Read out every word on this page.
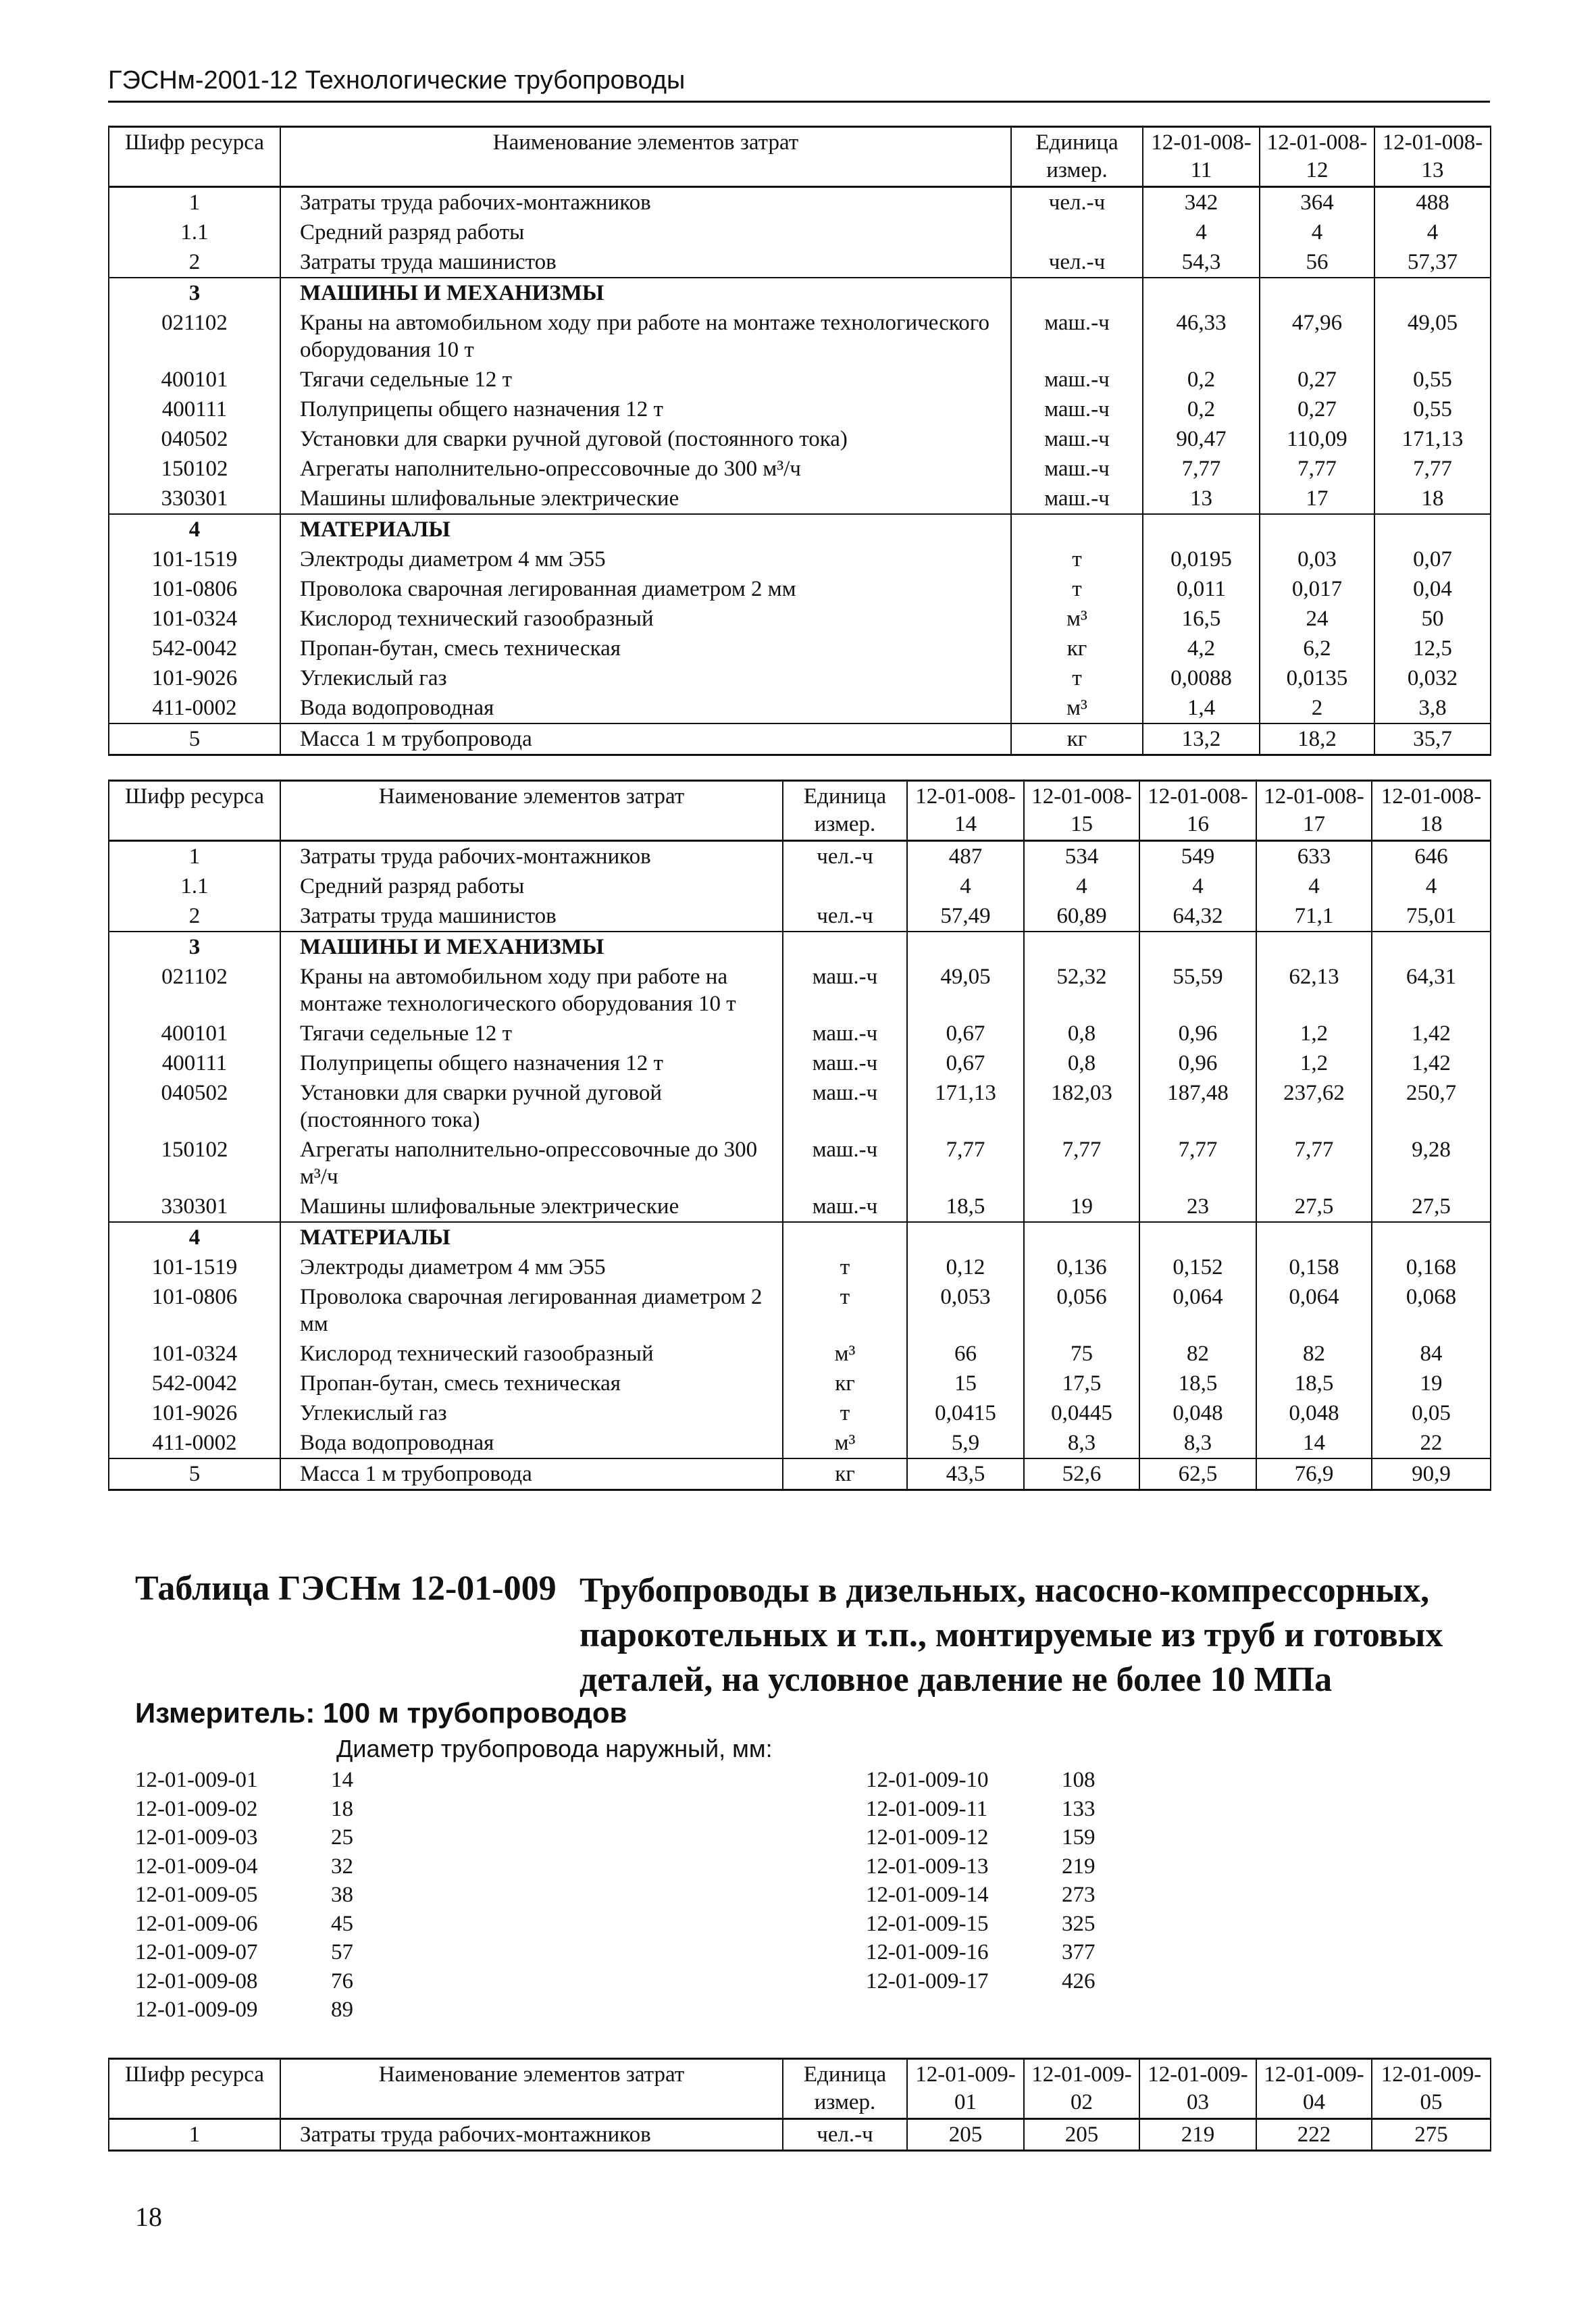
ГЭСНм-2001-12 Технологические трубопроводы
Шифр ресурса	Наименование элементов затрат	Единица измер.	12-01-008-11	12-01-008-12	12-01-008-13
1	Затраты труда рабочих-монтажников	чел.-ч	342	364	488
1.1	Средний разряд работы		4	4	4
2	Затраты труда машинистов	чел.-ч	54,3	56	57,37
3	МАШИНЫ И МЕХАНИЗМЫ				
021102	Краны на автомобильном ходу при работе на монтаже технологического оборудования 10 т	маш.-ч	46,33	47,96	49,05
400101	Тягачи седельные 12 т	маш.-ч	0,2	0,27	0,55
400111	Полуприцепы общего назначения 12 т	маш.-ч	0,2	0,27	0,55
040502	Установки для сварки ручной дуговой (постоянного тока)	маш.-ч	90,47	110,09	171,13
150102	Агрегаты наполнительно-опрессовочные до 300 м³/ч	маш.-ч	7,77	7,77	7,77
330301	Машины шлифовальные электрические	маш.-ч	13	17	18
4	МАТЕРИАЛЫ				
101-1519	Электроды диаметром 4 мм Э55	т	0,0195	0,03	0,07
101-0806	Проволока сварочная легированная диаметром 2 мм	т	0,011	0,017	0,04
101-0324	Кислород технический газообразный	м³	16,5	24	50
542-0042	Пропан-бутан, смесь техническая	кг	4,2	6,2	12,5
101-9026	Углекислый газ	т	0,0088	0,0135	0,032
411-0002	Вода водопроводная	м³	1,4	2	3,8
5	Масса 1 м трубопровода	кг	13,2	18,2	35,7
Шифр ресурса	Наименование элементов затрат	Единица измер.	12-01-008-14	12-01-008-15	12-01-008-16	12-01-008-17	12-01-008-18
1	Затраты труда рабочих-монтажников	чел.-ч	487	534	549	633	646
1.1	Средний разряд работы		4	4	4	4	4
2	Затраты труда машинистов	чел.-ч	57,49	60,89	64,32	71,1	75,01
3	МАШИНЫ И МЕХАНИЗМЫ						
021102	Краны на автомобильном ходу при работе на монтаже технологического оборудования 10 т	маш.-ч	49,05	52,32	55,59	62,13	64,31
400101	Тягачи седельные 12 т	маш.-ч	0,67	0,8	0,96	1,2	1,42
400111	Полуприцепы общего назначения 12 т	маш.-ч	0,67	0,8	0,96	1,2	1,42
040502	Установки для сварки ручной дуговой (постоянного тока)	маш.-ч	171,13	182,03	187,48	237,62	250,7
150102	Агрегаты наполнительно-опрессовочные до 300 м³/ч	маш.-ч	7,77	7,77	7,77	7,77	9,28
330301	Машины шлифовальные электрические	маш.-ч	18,5	19	23	27,5	27,5
4	МАТЕРИАЛЫ						
101-1519	Электроды диаметром 4 мм Э55	т	0,12	0,136	0,152	0,158	0,168
101-0806	Проволока сварочная легированная диаметром 2 мм	т	0,053	0,056	0,064	0,064	0,068
101-0324	Кислород технический газообразный	м³	66	75	82	82	84
542-0042	Пропан-бутан, смесь техническая	кг	15	17,5	18,5	18,5	19
101-9026	Углекислый газ	т	0,0415	0,0445	0,048	0,048	0,05
411-0002	Вода водопроводная	м³	5,9	8,3	8,3	14	22
5	Масса 1 м трубопровода	кг	43,5	52,6	62,5	76,9	90,9
Таблица ГЭСНм 12-01-009 Трубопроводы в дизельных, насосно-компрессорных, парокотельных и т.п., монтируемые из труб и готовых деталей, на условное давление не более 10 МПа
Измеритель: 100 м трубопроводов
Диаметр трубопровода наружный, мм:
12-01-009-01	14
12-01-009-02	18
12-01-009-03	25
12-01-009-04	32
12-01-009-05	38
12-01-009-06	45
12-01-009-07	57
12-01-009-08	76
12-01-009-09	89
12-01-009-10	108
12-01-009-11	133
12-01-009-12	159
12-01-009-13	219
12-01-009-14	273
12-01-009-15	325
12-01-009-16	377
12-01-009-17	426
Шифр ресурса	Наименование элементов затрат	Единица измер.	12-01-009-01	12-01-009-02	12-01-009-03	12-01-009-04	12-01-009-05
1	Затраты труда рабочих-монтажников	чел.-ч	205	205	219	222	275
18
